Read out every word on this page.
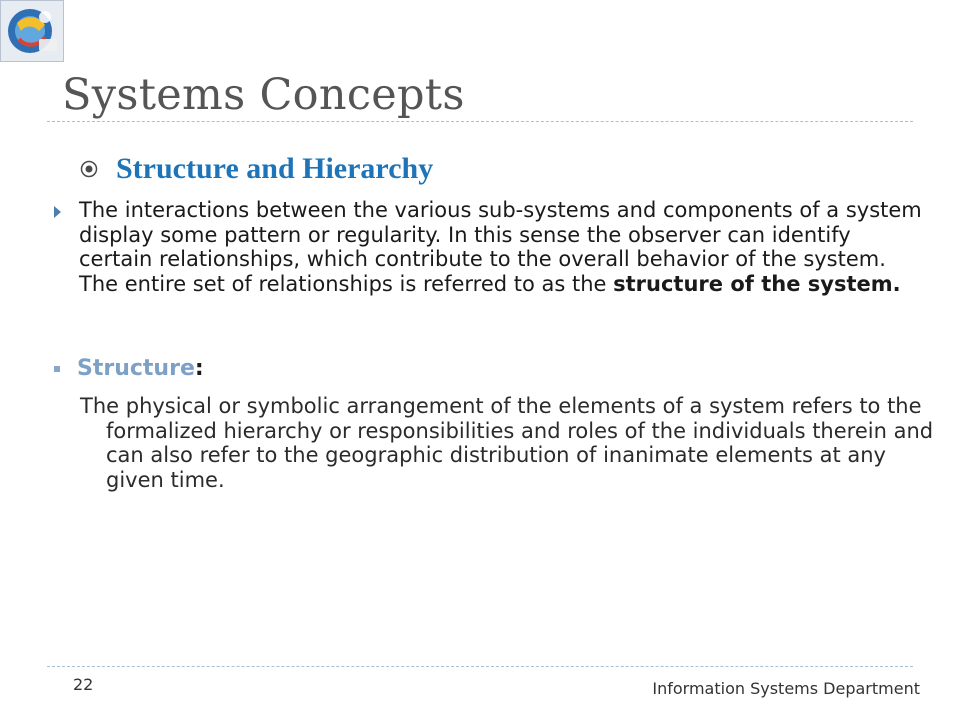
Systems Concepts
Structure and Hierarchy

The interactions between the various sub-systems and components of a system display some pattern or regularity. In this sense the observer can identify certain relationships, which contribute to the overall behavior of the system. The entire set of relationships is referred to as the structure of the system.

Structure :

The physical or symbolic arrangement of the elements of a system refers to the formalized hierarchy or responsibilities and roles of the individuals therein and can also refer to the geographic distribution of inanimate elements at any given time.

22	Information Systems Department
